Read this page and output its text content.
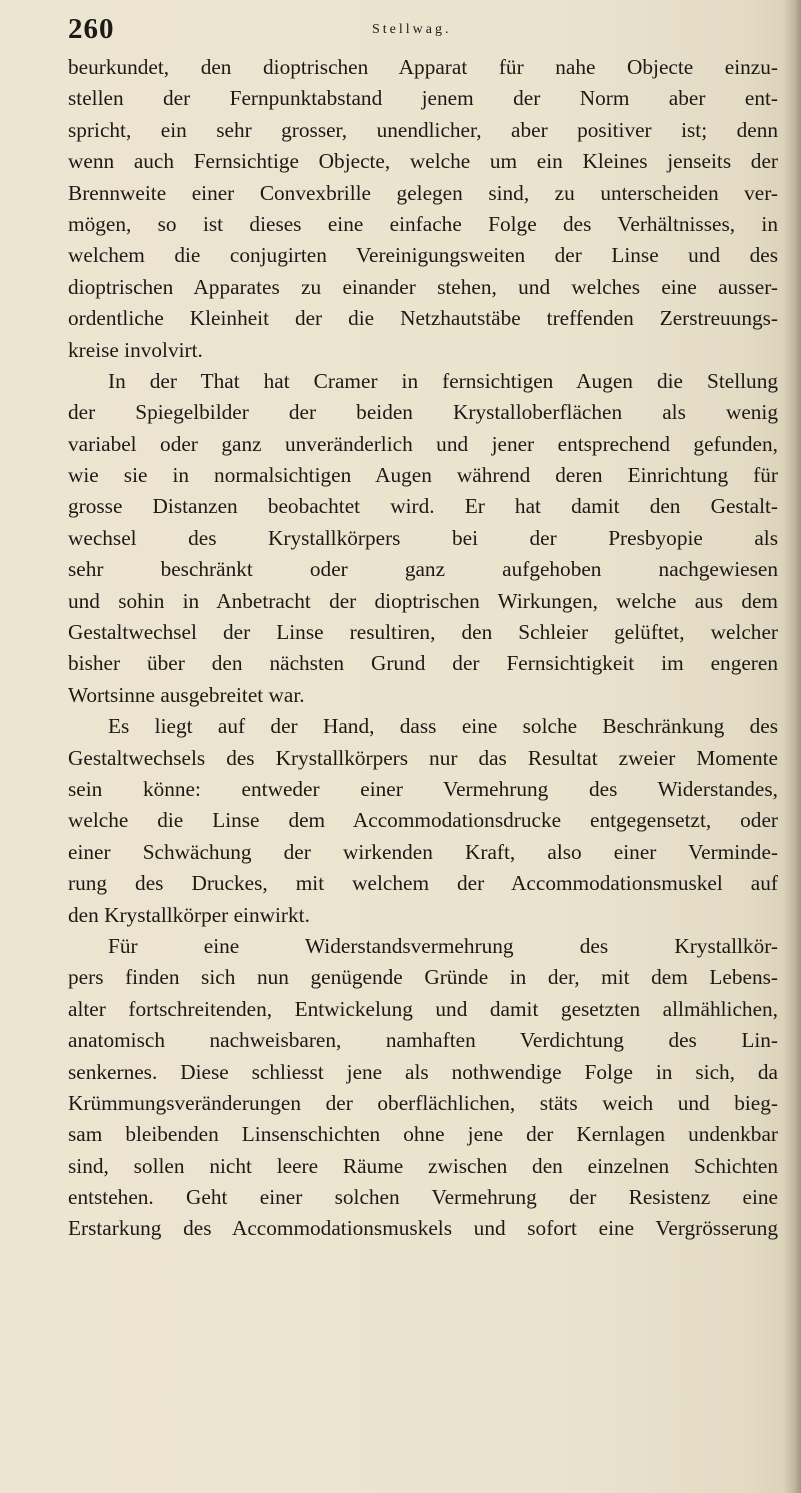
260	Stellwag.
beurkundet, den dioptrischen Apparat für nahe Objecte einzu-
stellen der Fernpunktabstand jenem der Norm aber ent-
spricht, ein sehr grosser, unendlicher, aber positiver ist; denn
wenn auch Fernsichtige Objecte, welche um ein Kleines jenseits der
Brennweite einer Convexbrille gelegen sind, zu unterscheiden ver-
mögen, so ist dieses eine einfache Folge des Verhältnisses, in
welchem die conjugirten Vereinigungsweiten der Linse und des
dioptrischen Apparates zu einander stehen, und welches eine ausser-
ordentliche Kleinheit der die Netzhautstäbe treffenden Zerstreuungs-
kreise involvirt.
In der That hat Cramer in fernsichtigen Augen die Stellung
der Spiegelbilder der beiden Krystalloberflächen als wenig
variabel oder ganz unveränderlich und jener entsprechend gefunden,
wie sie in normalsichtigen Augen während deren Einrichtung für
grosse Distanzen beobachtet wird. Er hat damit den Gestalt-
wechsel des Krystallkörpers bei der Presbyopie als
sehr beschränkt oder ganz aufgehoben nachgewiesen
und sohin in Anbetracht der dioptrischen Wirkungen, welche aus dem
Gestaltwechsel der Linse resultiren, den Schleier gelüftet, welcher
bisher über den nächsten Grund der Fernsichtigkeit im engeren
Wortsinne ausgebreitet war.
Es liegt auf der Hand, dass eine solche Beschränkung des
Gestaltwechsels des Krystallkörpers nur das Resultat zweier Momente
sein könne: entweder einer Vermehrung des Widerstandes,
welche die Linse dem Accommodationsdrucke entgegensetzt, oder
einer Schwächung der wirkenden Kraft, also einer Verminde-
rung des Druckes, mit welchem der Accommodationsmuskel auf
den Krystallkörper einwirkt.
Für eine Widerstandsvermehrung des Krystallkör-
pers finden sich nun genügende Gründe in der, mit dem Lebens-
alter fortschreitenden, Entwickelung und damit gesetzten allmählichen,
anatomisch nachweisbaren, namhaften Verdichtung des Lin-
senkernes. Diese schliesst jene als nothwendige Folge in sich, da
Krümmungsveränderungen der oberflächlichen, stäts weich und bieg-
sam bleibenden Linsenschichten ohne jene der Kernlagen undenkbar
sind, sollen nicht leere Räume zwischen den einzelnen Schichten
entstehen. Geht einer solchen Vermehrung der Resistenz eine
Erstarkung des Accommodationsmuskels und sofort eine Vergrösserung
